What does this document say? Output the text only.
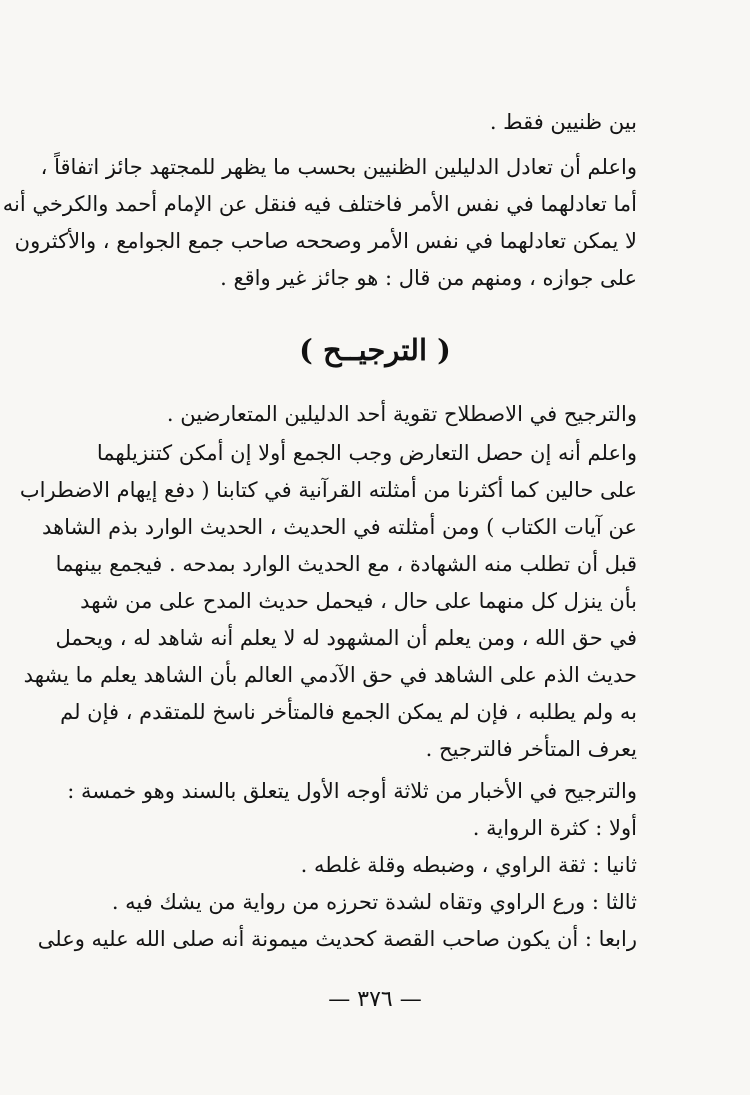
بين ظنيين فقط .

واعلم أن تعادل الدليلين الظنيين بحسب ما يظهر للمجتهد جائز اتفاقاً ،
أما تعادلهما في نفس الأمر فاختلف فيه فنقل عن الإمام أحمد والكرخي أنه
لا يمكن تعادلهما في نفس الأمر وصححه صاحب جمع الجوامع ، والأكثرون
على جوازه ، ومنهم من قال : هو جائز غير واقع .

( الترجيــح )

والترجيح في الاصطلاح تقوية أحد الدليلين المتعارضين .

واعلم أنه إن حصل التعارض وجب الجمع أولا إن أمكن كتنزيلهما
على حالين كما أكثرنا من أمثلته القرآنية في كتابنا ( دفع إيهام الاضطراب
عن آيات الكتاب ) ومن أمثلته في الحديث ، الحديث الوارد بذم الشاهد
قبل أن تطلب منه الشهادة ، مع الحديث الوارد بمدحه . فيجمع بينهما
بأن ينزل كل منهما على حال ، فيحمل حديث المدح على من شهد
في حق الله ، ومن يعلم أن المشهود له لا يعلم أنه شاهد له ، ويحمل
حديث الذم على الشاهد في حق الآدمي العالم بأن الشاهد يعلم ما يشهد
به ولم يطلبه ، فإن لم يمكن الجمع فالمتأخر ناسخ للمتقدم ، فإن لم
يعرف المتأخر فالترجيح .

والترجيح في الأخبار من ثلاثة أوجه الأول يتعلق بالسند وهو خمسة :

أولا : كثرة الرواية .

ثانيا : ثقة الراوي ، وضبطه وقلة غلطه .

ثالثا : ورع الراوي وتقاه لشدة تحرزه من رواية من يشك فيه .

رابعا : أن يكون صاحب القصة كحديث ميمونة أنه صلى الله عليه وعلى

— ٣٧٦ —
